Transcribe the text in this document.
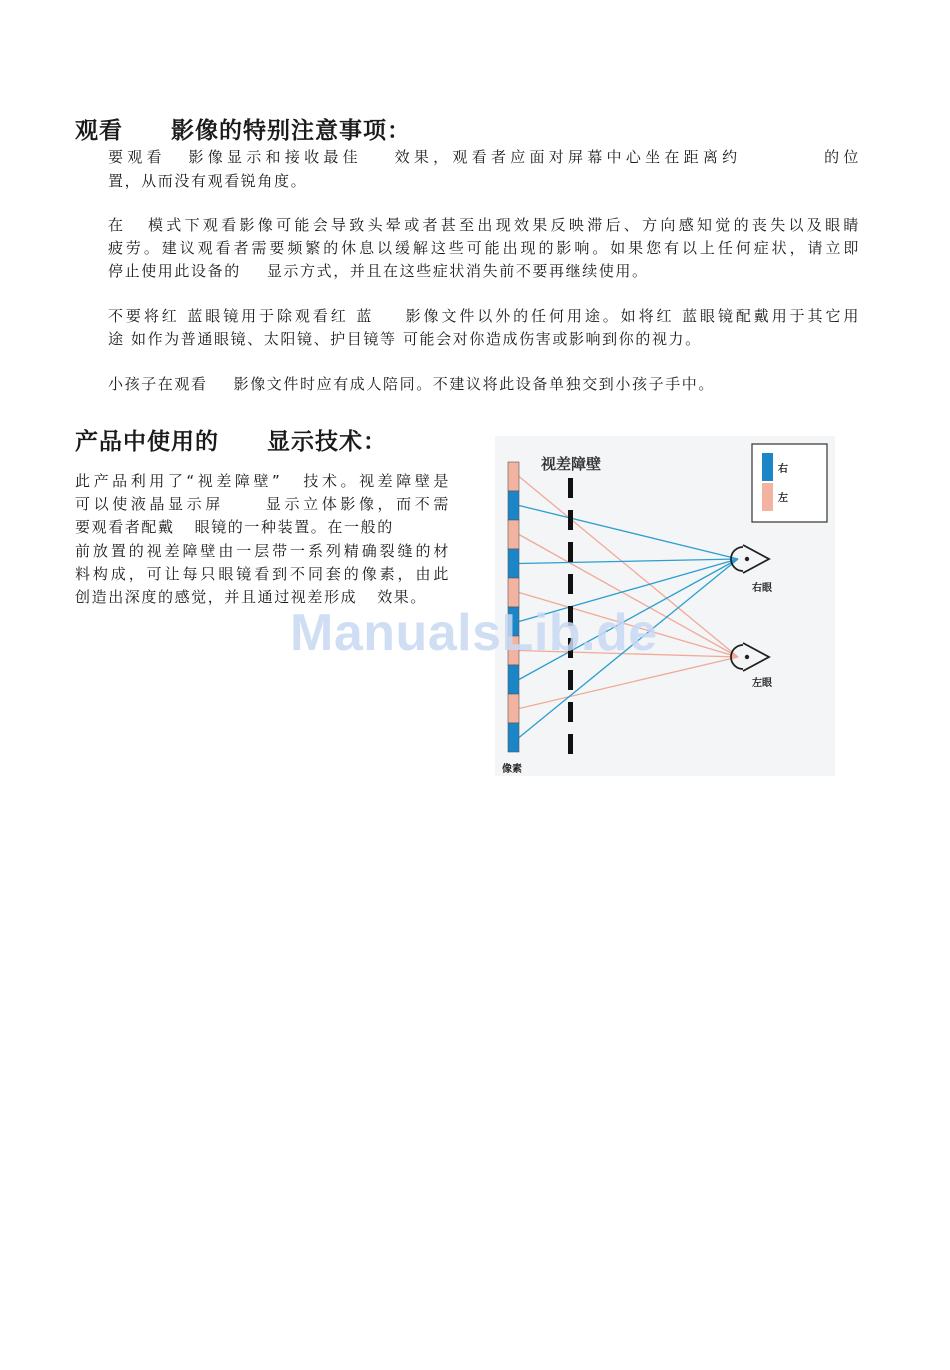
观看 影像的特别注意事项：

要观看 影像显示和接收最佳 效果，观看者应面对屏幕中心坐在距离约	的位

置，从而没有观看锐角度。

在 模式下观看影像可能会导致头晕或者甚至出现效果反映滞后、方向感知觉的丧失以及眼睛

疲劳。建议观看者需要频繁的休息以缓解这些可能出现的影响。如果您有以上任何症状，请立即

停止使用此设备的 显示方式，并且在这些症状消失前不要再继续使用。

不要将红 蓝眼镜用于除观看红 蓝 影像文件以外的任何用途。如将红 蓝眼镜配戴用于其它用

途 如作为普通眼镜、太阳镜、护目镜等 可能会对你造成伤害或影响到你的视力。

小孩子在观看 影像文件时应有成人陪同。不建议将此设备单独交到小孩子手中。

产品中使用的 显示技术：

此产品利用了“视差障壁” 技术。视差障壁是

可以使液晶显示屏	显示立体影像，而不需

要观看者配戴 眼镜的一种装置。在一般的

前放置的视差障壁由一层带一系列精确裂缝的材

料构成，可让每只眼镜看到不同套的像素，由此

创造出深度的感觉，并且通过视差形成 效果。

视差障壁
像素
右
左
右眼
左眼
ManualsLib.de
